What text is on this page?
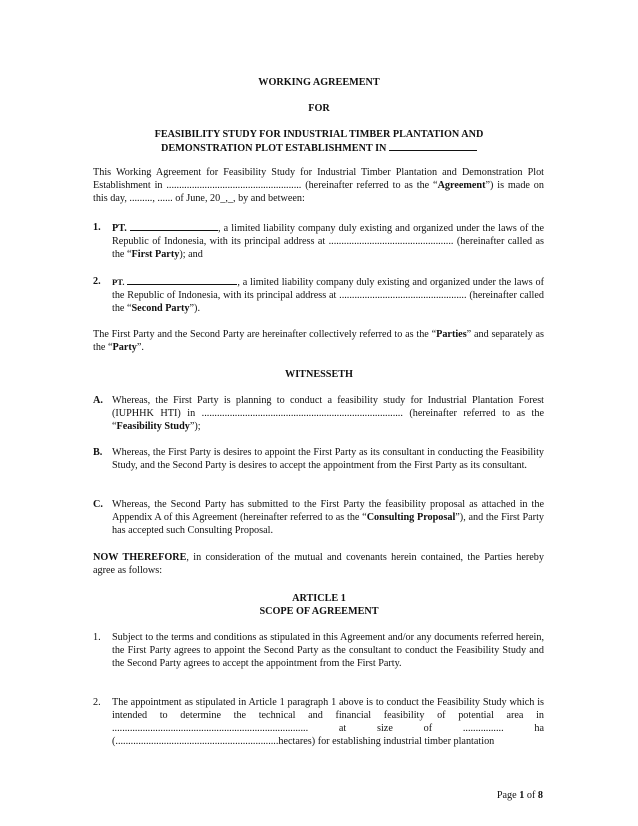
WORKING AGREEMENT
FOR
FEASIBILITY STUDY FOR INDUSTRIAL TIMBER PLANTATION AND
DEMONSTRATION PLOT ESTABLISHMENT IN

This Working Agreement for Feasibility Study for Industrial Timber Plantation and Demonstration Plot Establishment in ..................................................... (hereinafter referred to as the “Agreement”) is made on this day, ........., ...... of June, 20_,_, by and between:

1. PT.	, a limited liability company duly existing and organized under the laws of the Republic of Indonesia, with its principal address at ................................................. (hereinafter called as the “First Party); and

2. PT.	, a limited liability company duly existing and organized under the laws of the Republic of Indonesia, with its principal address at .................................................. (hereinafter called the “Second Party”).

The First Party and the Second Party are hereinafter collectively referred to as the “Parties” and separately as the “Party”.

WITNESSETH
A. Whereas, the First Party is planning to conduct a feasibility study for Industrial Plantation Forest (IUPHHK HTI) in ............................................................................... (hereinafter referred to as the “Feasibility Study”);

B. Whereas, the First Party is desires to appoint the First Party as its consultant in conducting the Feasibility Study, and the Second Party is desires to accept the appointment from the First Party as its consultant.

C. Whereas, the Second Party has submitted to the First Party the feasibility proposal as attached in the Appendix A of this Agreement (hereinafter referred to as the “Consulting Proposal”), and the First Party has accepted such Consulting Proposal.

NOW THEREFORE, in consideration of the mutual and covenants herein contained, the Parties hereby agree as follows:

ARTICLE 1
SCOPE OF AGREEMENT
1. Subject to the terms and conditions as stipulated in this Agreement and/or any documents referred herein, the First Party agrees to appoint the Second Party as the consultant to conduct the Feasibility Study and the Second Party agrees to accept the appointment from the First Party.

2. The appointment as stipulated in Article 1 paragraph 1 above is to conduct the Feasibility Study which is intended to determine the technical and financial feasibility of potential area in ............................................................................. at size of ................ ha (................................................................hectares) for establishing industrial timber plantation

Page 1 of 8
